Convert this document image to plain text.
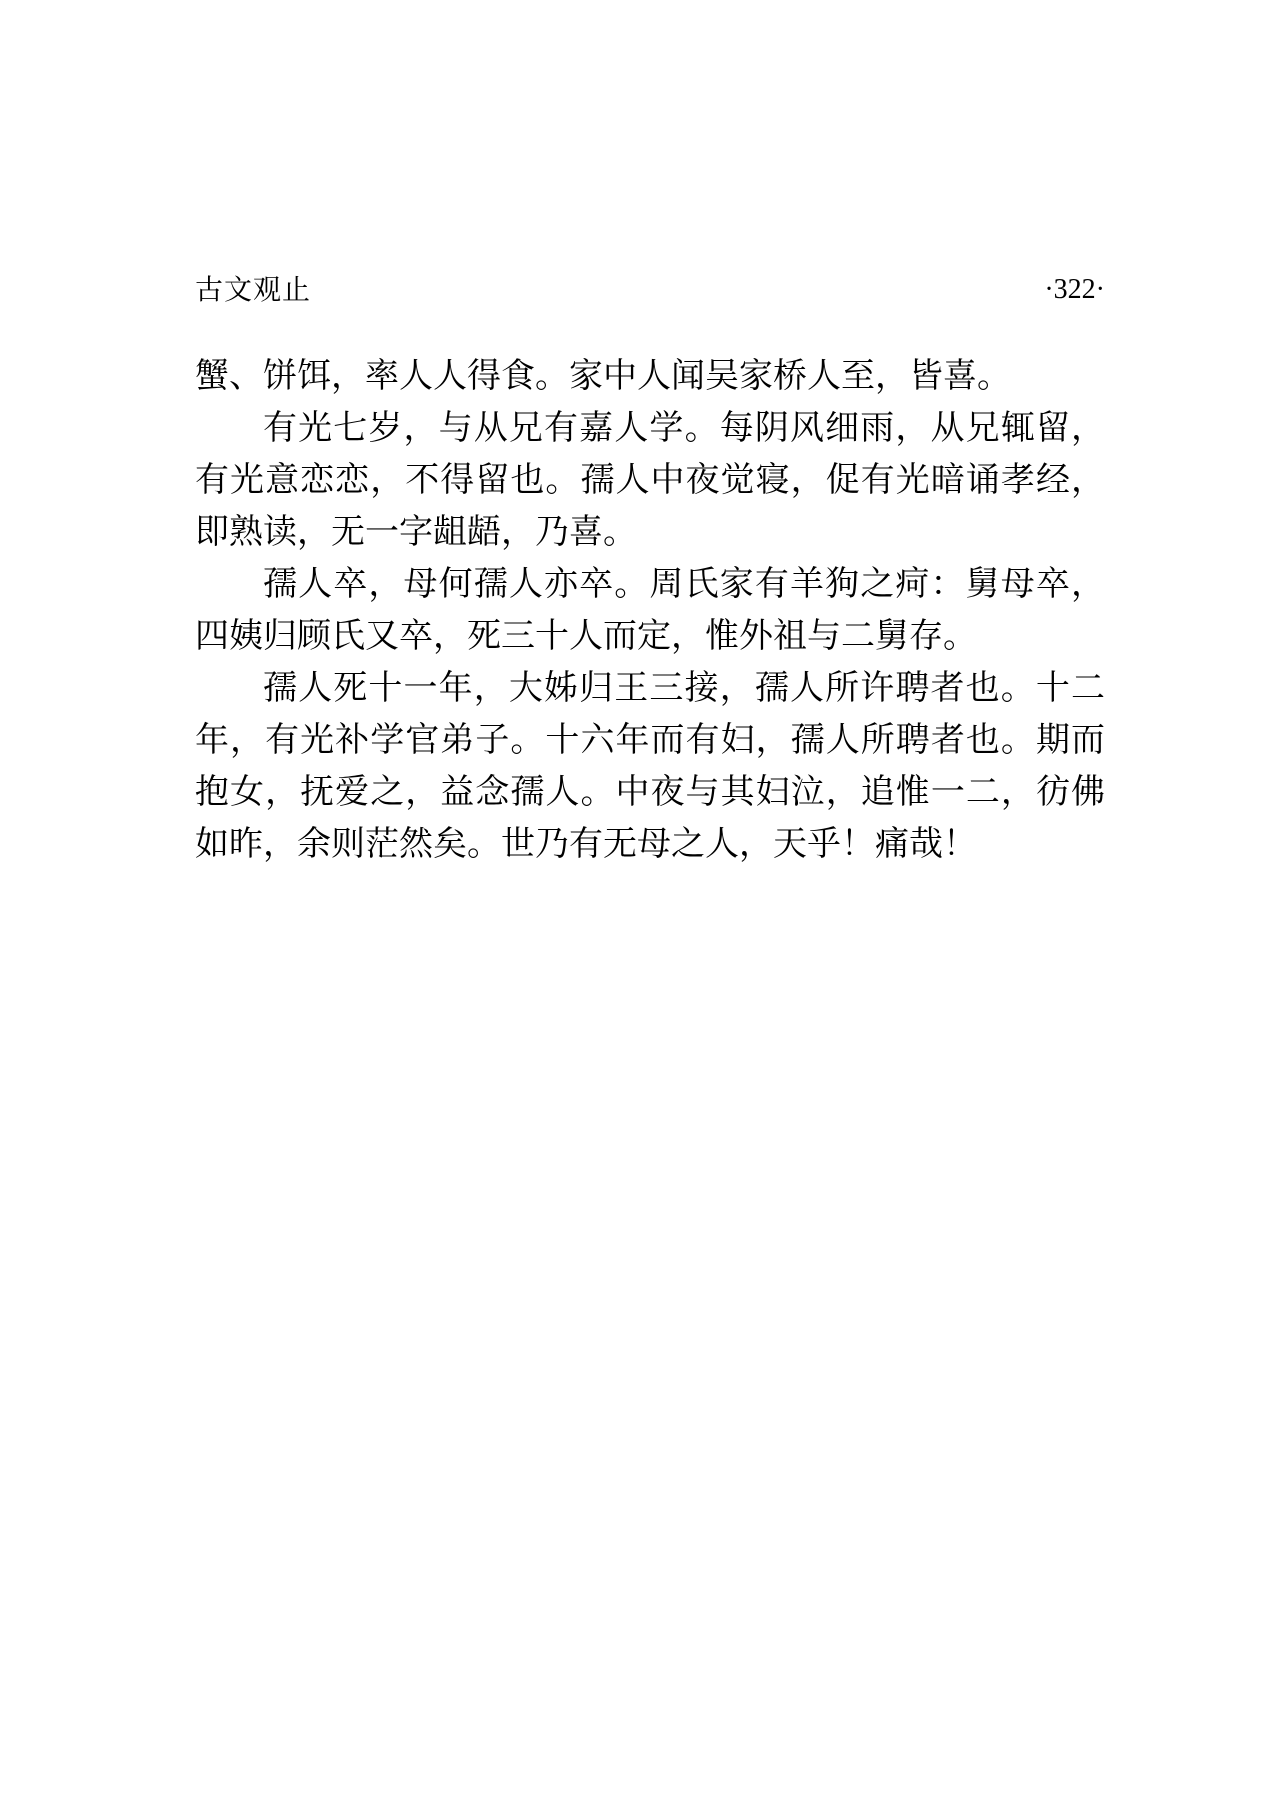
古文观止	·322·

蟹、饼饵，率人人得食。家中人闻吴家桥人至，皆喜。

有光七岁，与从兄有嘉人学。每阴风细雨，从兄辄留，有光意恋恋，不得留也。孺人中夜觉寝，促有光暗诵孝经，即熟读，无一字龃龉，乃喜。

孺人卒，母何孺人亦卒。周氏家有羊狗之疴：舅母卒，四姨归顾氏又卒，死三十人而定，惟外祖与二舅存。

孺人死十一年，大姊归王三接，孺人所许聘者也。十二年，有光补学官弟子。十六年而有妇，孺人所聘者也。期而抱女，抚爱之，益念孺人。中夜与其妇泣，追惟一二，彷佛如昨，余则茫然矣。世乃有无母之人，天乎！痛哉！
